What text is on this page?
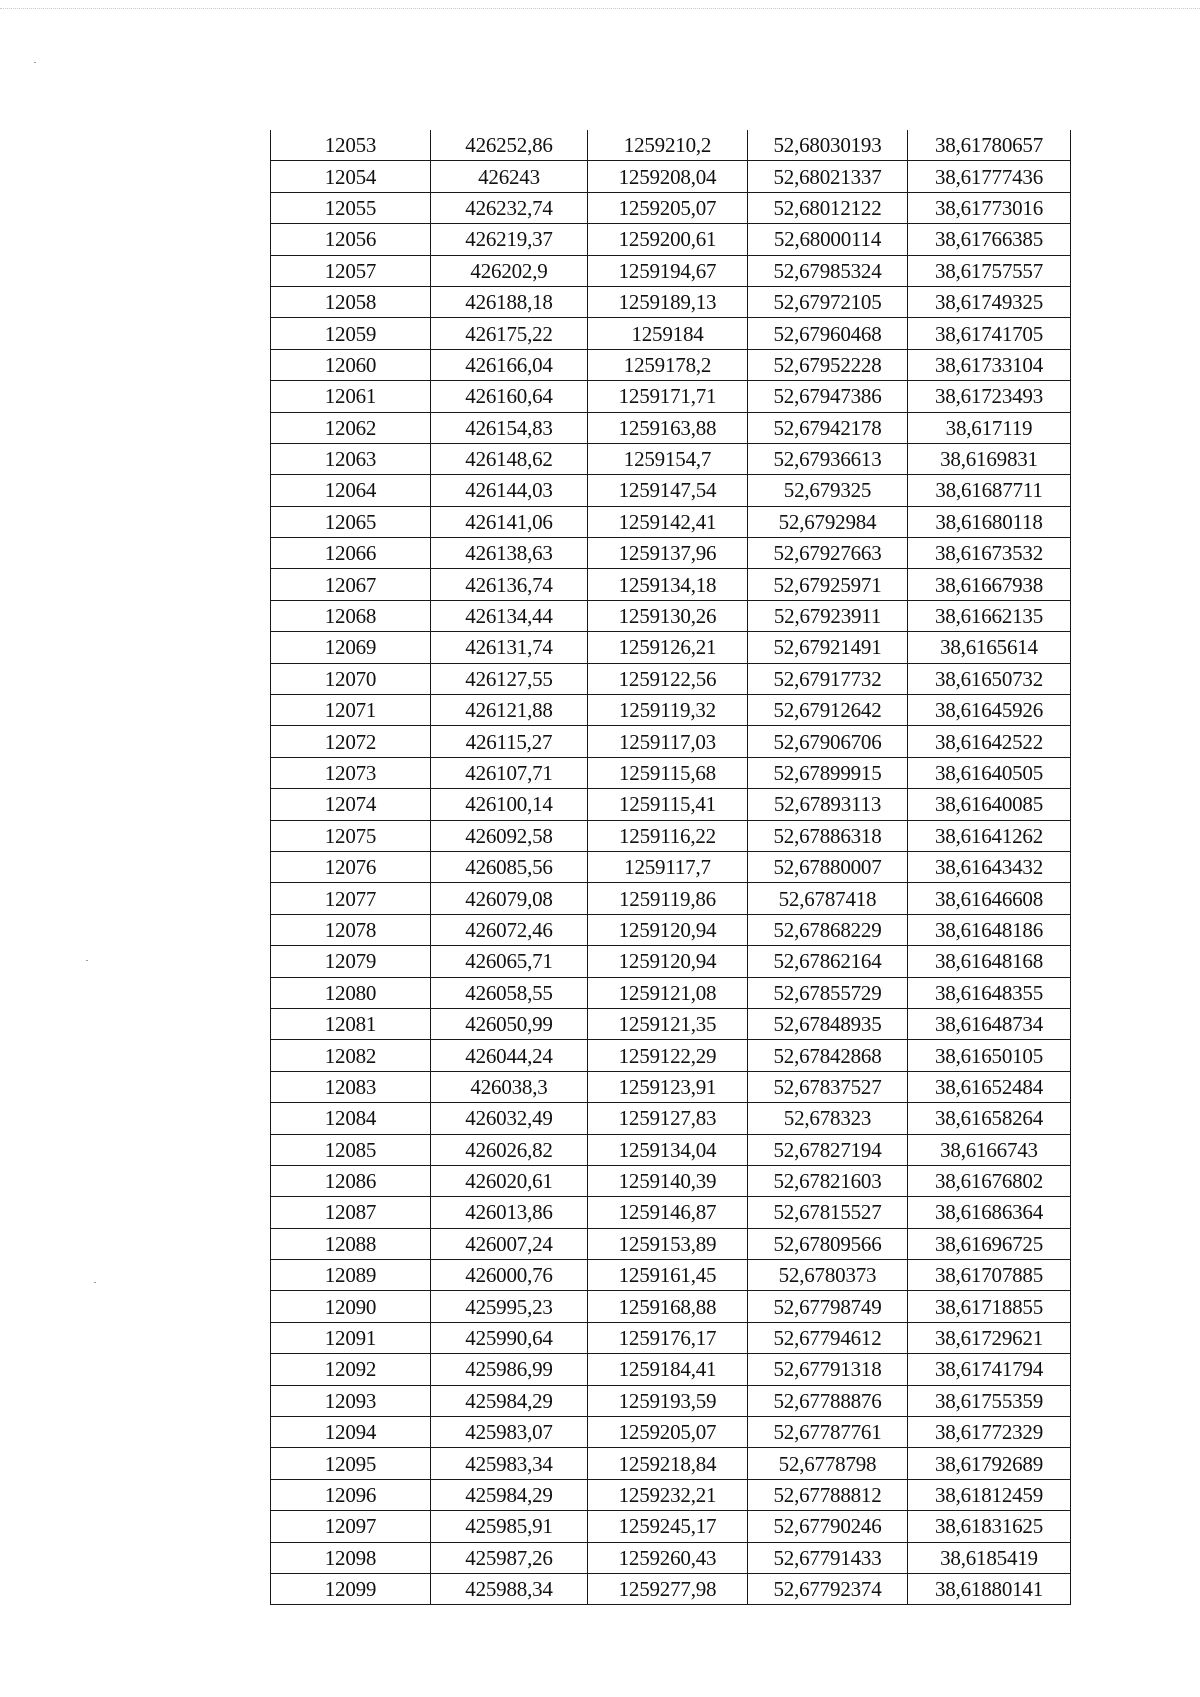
12053	426252,86	1259210,2	52,68030193	38,61780657
12054	426243	1259208,04	52,68021337	38,61777436
12055	426232,74	1259205,07	52,68012122	38,61773016
12056	426219,37	1259200,61	52,68000114	38,61766385
12057	426202,9	1259194,67	52,67985324	38,61757557
12058	426188,18	1259189,13	52,67972105	38,61749325
12059	426175,22	1259184	52,67960468	38,61741705
12060	426166,04	1259178,2	52,67952228	38,61733104
12061	426160,64	1259171,71	52,67947386	38,61723493
12062	426154,83	1259163,88	52,67942178	38,617119
12063	426148,62	1259154,7	52,67936613	38,6169831
12064	426144,03	1259147,54	52,679325	38,61687711
12065	426141,06	1259142,41	52,6792984	38,61680118
12066	426138,63	1259137,96	52,67927663	38,61673532
12067	426136,74	1259134,18	52,67925971	38,61667938
12068	426134,44	1259130,26	52,67923911	38,61662135
12069	426131,74	1259126,21	52,67921491	38,6165614
12070	426127,55	1259122,56	52,67917732	38,61650732
12071	426121,88	1259119,32	52,67912642	38,61645926
12072	426115,27	1259117,03	52,67906706	38,61642522
12073	426107,71	1259115,68	52,67899915	38,61640505
12074	426100,14	1259115,41	52,67893113	38,61640085
12075	426092,58	1259116,22	52,67886318	38,61641262
12076	426085,56	1259117,7	52,67880007	38,61643432
12077	426079,08	1259119,86	52,6787418	38,61646608
12078	426072,46	1259120,94	52,67868229	38,61648186
12079	426065,71	1259120,94	52,67862164	38,61648168
12080	426058,55	1259121,08	52,67855729	38,61648355
12081	426050,99	1259121,35	52,67848935	38,61648734
12082	426044,24	1259122,29	52,67842868	38,61650105
12083	426038,3	1259123,91	52,67837527	38,61652484
12084	426032,49	1259127,83	52,678323	38,61658264
12085	426026,82	1259134,04	52,67827194	38,6166743
12086	426020,61	1259140,39	52,67821603	38,61676802
12087	426013,86	1259146,87	52,67815527	38,61686364
12088	426007,24	1259153,89	52,67809566	38,61696725
12089	426000,76	1259161,45	52,6780373	38,61707885
12090	425995,23	1259168,88	52,67798749	38,61718855
12091	425990,64	1259176,17	52,67794612	38,61729621
12092	425986,99	1259184,41	52,67791318	38,61741794
12093	425984,29	1259193,59	52,67788876	38,61755359
12094	425983,07	1259205,07	52,67787761	38,61772329
12095	425983,34	1259218,84	52,6778798	38,61792689
12096	425984,29	1259232,21	52,67788812	38,61812459
12097	425985,91	1259245,17	52,67790246	38,61831625
12098	425987,26	1259260,43	52,67791433	38,6185419
12099	425988,34	1259277,98	52,67792374	38,61880141
